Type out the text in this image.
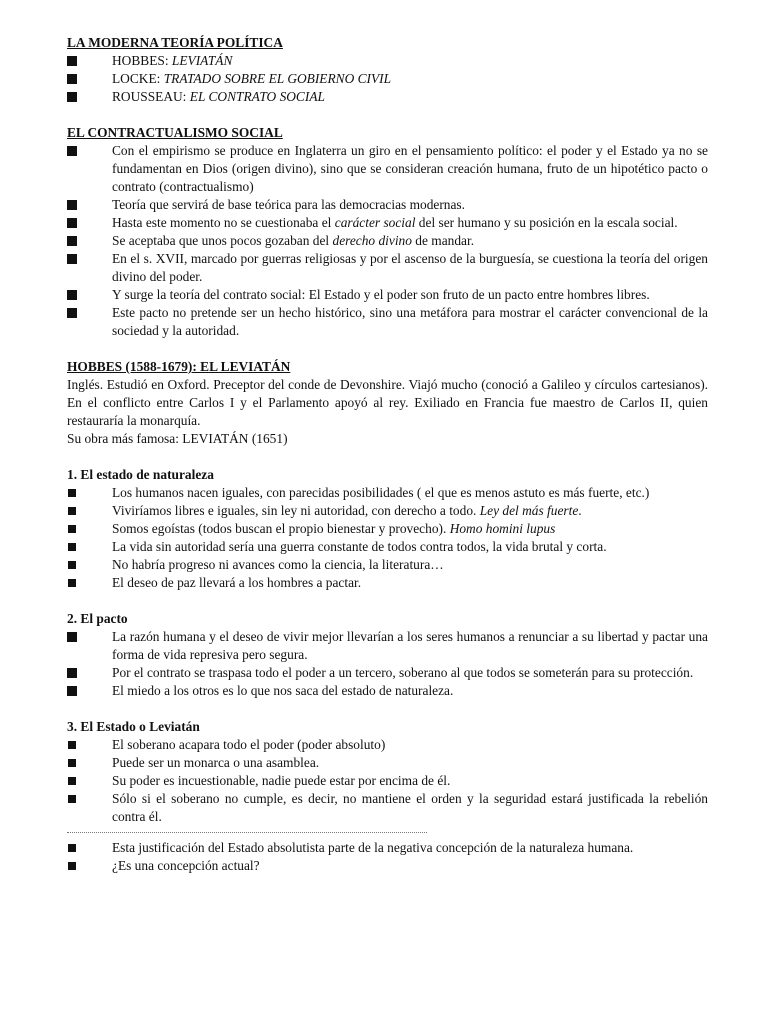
LA MODERNA TEORÍA POLÍTICA

HOBBES: LEVIATÁN
LOCKE: TRATADO SOBRE EL GOBIERNO CIVIL
ROUSSEAU: EL CONTRATO SOCIAL

EL CONTRACTUALISMO SOCIAL

Con el empirismo se produce en Inglaterra un giro en el pensamiento político: el poder y el Estado ya no se fundamentan en Dios (origen divino), sino que se consideran creación humana, fruto de un hipotético pacto o contrato (contractualismo)
Teoría que servirá de base teórica para las democracias modernas.
Hasta este momento no se cuestionaba el carácter social del ser humano y su posición en la escala social.
Se aceptaba que unos pocos gozaban del derecho divino de mandar.
En el s. XVII, marcado por guerras religiosas y por el ascenso de la burguesía, se cuestiona la teoría del origen divino del poder.
Y surge la teoría del contrato social: El Estado y el poder son fruto de un pacto entre hombres libres.
Este pacto no pretende ser un hecho histórico, sino una metáfora para mostrar el carácter convencional de la sociedad y la autoridad.

HOBBES (1588-1679): EL LEVIATÁN

Inglés. Estudió en Oxford. Preceptor del conde de Devonshire. Viajó mucho (conoció a Galileo y círculos cartesianos). En el conflicto entre Carlos I y el Parlamento apoyó al rey. Exiliado en Francia fue maestro de Carlos II, quien restauraría la monarquía.

Su obra más famosa: LEVIATÁN (1651)

1. El estado de naturaleza

Los humanos nacen iguales, con parecidas posibilidades ( el que es menos astuto es más fuerte, etc.)
Viviríamos libres e iguales, sin ley ni autoridad, con derecho a todo. Ley del más fuerte.
Somos egoístas (todos buscan el propio bienestar y provecho). Homo homini lupus
La vida sin autoridad sería una guerra constante de todos contra todos, la vida brutal y corta.
No habría progreso ni avances como la ciencia, la literatura…
El deseo de paz llevará a los hombres a pactar.

2. El pacto

La razón humana y el deseo de vivir mejor llevarían a los seres humanos a renunciar a su libertad y pactar una forma de vida represiva pero segura.
Por el contrato se traspasa todo el poder a un tercero, soberano al que todos se someterán para su protección.
El miedo a los otros es lo que nos saca del estado de naturaleza.

3. El Estado o Leviatán

El soberano acapara todo el poder (poder absoluto)
Puede ser un monarca o una asamblea.
Su poder es incuestionable, nadie puede estar por encima de él.
Sólo si el soberano no cumple, es decir, no mantiene el orden y la seguridad estará justificada la rebelión contra él.
Esta justificación del Estado absolutista parte de la negativa concepción de la naturaleza humana.
¿Es una concepción actual?
